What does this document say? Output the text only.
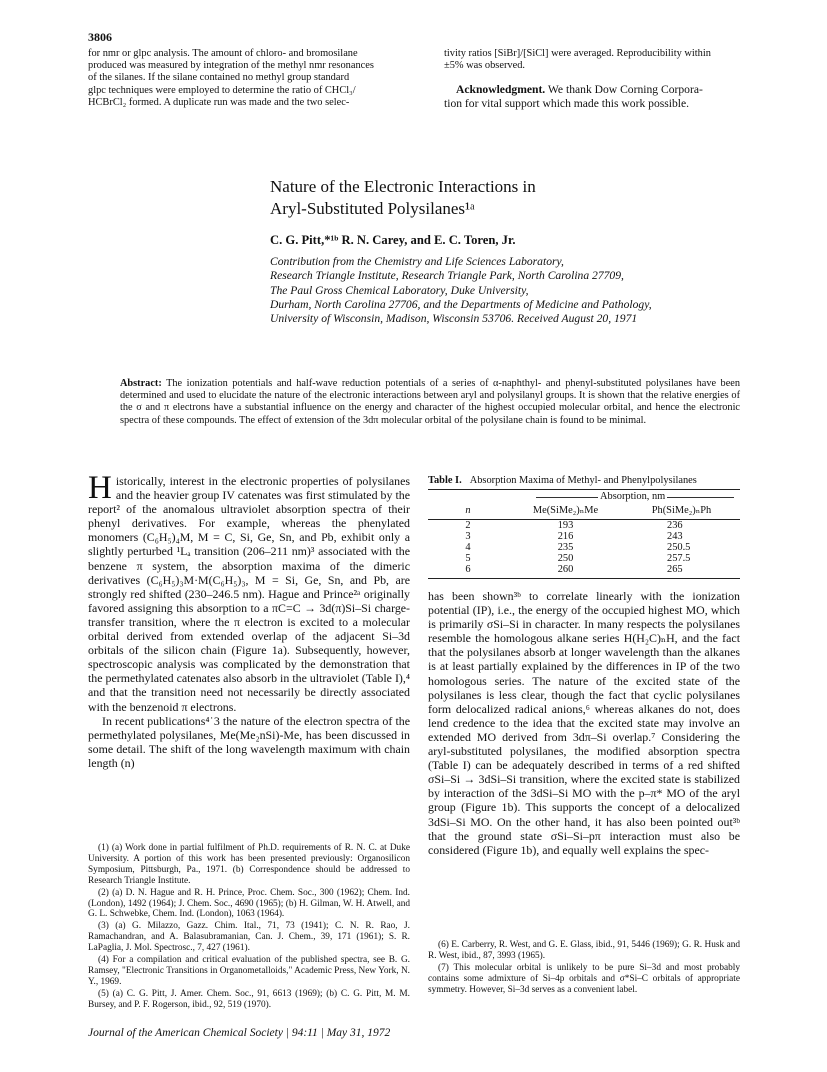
3806

for nmr or glpc analysis. The amount of chloro- and bromosilane

produced was measured by integration of the methyl nmr resonances

of the silanes. If the silane contained no methyl group standard

glpc techniques were employed to determine the ratio of CHCl₃/

HCBrCl₂ formed. A duplicate run was made and the two selec-

tivity ratios [SiBr]/[SiCl] were averaged. Reproducibility within

±5% was observed.

Acknowledgment. We thank Dow Corning Corpora-
tion for vital support which made this work possible.

Nature of the Electronic Interactions in

Aryl-Substituted Polysilanes¹ᵃ

C. G. Pitt,*¹ᵇ R. N. Carey, and E. C. Toren, Jr.

Contribution from the Chemistry and Life Sciences Laboratory,

Research Triangle Institute, Research Triangle Park, North Carolina 27709,

The Paul Gross Chemical Laboratory, Duke University,

Durham, North Carolina 27706, and the Departments of Medicine and Pathology,

University of Wisconsin, Madison, Wisconsin 53706. Received August 20, 1971

Abstract: The ionization potentials and half-wave reduction potentials of a series of α-naphthyl- and phenyl-substituted polysilanes have been determined and used to elucidate the nature of the electronic interactions between aryl and polysilanyl groups. It is shown that the relative energies of the σ and π electrons have a substantial influence on the energy and character of the highest occupied molecular orbital, and hence the electronic spectra of these compounds. The effect of extension of the 3dπ molecular orbital of the polysilane chain is found to be minimal.
H istorically, interest in the electronic properties of polysilanes and the heavier group IV catenates was first stimulated by the report² of the anomalous ultraviolet absorption spectra of their phenyl derivatives. For example, whereas the phenylated monomers (C₆H₅)₄M, M = C, Si, Ge, Sn, and Pb, exhibit only a slightly perturbed ¹Lₐ transition (206–211 nm)³ associated with the benzene π system, the absorption maxima of the dimeric derivatives (C₆H₅)₃M·M(C₆H₅)₃, M = Si, Ge, Sn, and Pb, are strongly red shifted (230–246.5 nm). Hague and Prince²ᵃ originally favored assigning this absorption to a πC=C → 3d(π)Si–Si charge-transfer transition, where the π electron is excited to a molecular orbital derived from extended overlap of the adjacent Si–3d orbitals of the silicon chain (Figure 1a). Subsequently, however, spectroscopic analysis was complicated by the demonstration that the permethylated catenates also absorb in the ultraviolet (Table I),⁴ and that the transition need not necessarily be directly associated with the benzenoid π electrons.

In recent publications⁴˙3 the nature of the electron spectra of the permethylated polysilanes, Me(Me₂nSi)-Me, has been discussed in some detail. The shift of the long wavelength maximum with chain length (n)

(1) (a) Work done in partial fulfilment of Ph.D. requirements of R. N. C. at Duke University. A portion of this work has been presented previously: Organosilicon Symposium, Pittsburgh, Pa., 1971. (b) Correspondence should be addressed to Research Triangle Institute.

(2) (a) D. N. Hague and R. H. Prince, Proc. Chem. Soc., 300 (1962); Chem. Ind. (London), 1492 (1964); J. Chem. Soc., 4690 (1965); (b) H. Gilman, W. H. Atwell, and G. L. Schwebke, Chem. Ind. (London), 1063 (1964).

(3) (a) G. Milazzo, Gazz. Chim. Ital., 71, 73 (1941); C. N. R. Rao, J. Ramachandran, and A. Balasubramanian, Can. J. Chem., 39, 171 (1961); S. R. LaPaglia, J. Mol. Spectrosc., 7, 427 (1961).

(4) For a compilation and critical evaluation of the published spectra, see B. G. Ramsey, "Electronic Transitions in Organometalloids," Academic Press, New York, N. Y., 1969.

(5) (a) C. G. Pitt, J. Amer. Chem. Soc., 91, 6613 (1969); (b) C. G. Pitt, M. M. Bursey, and P. F. Rogerson, ibid., 92, 519 (1970).

Table I. Absorption Maxima of Methyl- and Phenylpolysilanes
Absorption, nm
n	Me(SiMe₂)ₙMe	Ph(SiMe₂)ₙPh

2	193	236
3	216	243
4	235	250.5
5	250	257.5
6	260	265

has been shown³ᵇ to correlate linearly with the ionization potential (IP), i.e., the energy of the occupied highest MO, which is primarily σSi–Si in character. In many respects the polysilanes resemble the homologous alkane series H(H₂C)ₙH, and the fact that the polysilanes absorb at longer wavelength than the alkanes is at least partially explained by the differences in IP of the two homologous series. The nature of the excited state of the polysilanes is less clear, though the fact that cyclic polysilanes form delocalized radical anions,⁶ whereas alkanes do not, does lend credence to the idea that the excited state may involve an extended MO derived from 3dπ–Si overlap.⁷ Considering the aryl-substituted polysilanes, the modified absorption spectra (Table I) can be adequately described in terms of a red shifted σSi–Si → 3dSi–Si transition, where the excited state is stabilized by interaction of the 3dSi–Si MO with the p–π* MO of the aryl group (Figure 1b). This supports the concept of a delocalized 3dSi–Si MO. On the other hand, it has also been pointed out³ᵇ that the ground state σSi–Si–pπ interaction must also be considered (Figure 1b), and equally well explains the spec-

(6) E. Carberry, R. West, and G. E. Glass, ibid., 91, 5446 (1969); G. R. Husk and R. West, ibid., 87, 3993 (1965).

(7) This molecular orbital is unlikely to be pure Si–3d and most probably contains some admixture of Si–4p orbitals and σ*Si–C orbitals of appropriate symmetry. However, Si–3d serves as a convenient label.

Journal of the American Chemical Society | 94:11 | May 31, 1972
